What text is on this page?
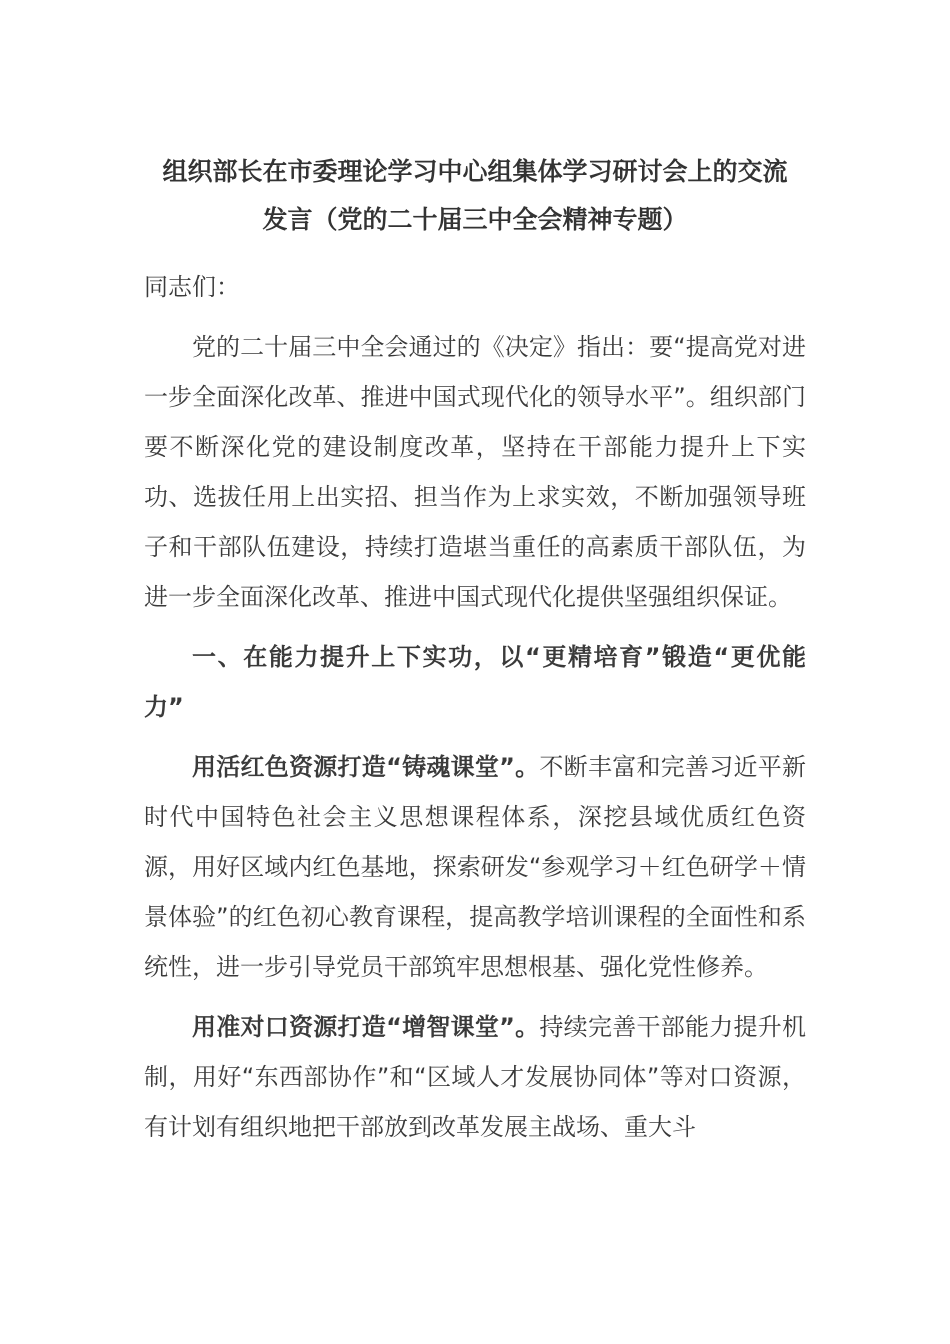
组织部长在市委理论学习中心组集体学习研讨会上的交流
发言（党的二十届三中全会精神专题）
同志们：

党的二十届三中全会通过的《决定》指出：要“提高党对进一步全面深化改革、推进中国式现代化的领导水平”。组织部门要不断深化党的建设制度改革，坚持在干部能力提升上下实功、选拔任用上出实招、担当作为上求实效，不断加强领导班子和干部队伍建设，持续打造堪当重任的高素质干部队伍，为进一步全面深化改革、推进中国式现代化提供坚强组织保证。

一、在能力提升上下实功，以“更精培育”锻造“更优能力”

用活红色资源打造“铸魂课堂”。不断丰富和完善习近平新时代中国特色社会主义思想课程体系，深挖县域优质红色资源，用好区域内红色基地，探索研发“参观学习＋红色研学＋情景体验”的红色初心教育课程，提高教学培训课程的全面性和系统性，进一步引导党员干部筑牢思想根基、强化党性修养。

用准对口资源打造“增智课堂”。持续完善干部能力提升机制，用好“东西部协作”和“区域人才发展协同体”等对口资源，有计划有组织地把干部放到改革发展主战场、重大斗
